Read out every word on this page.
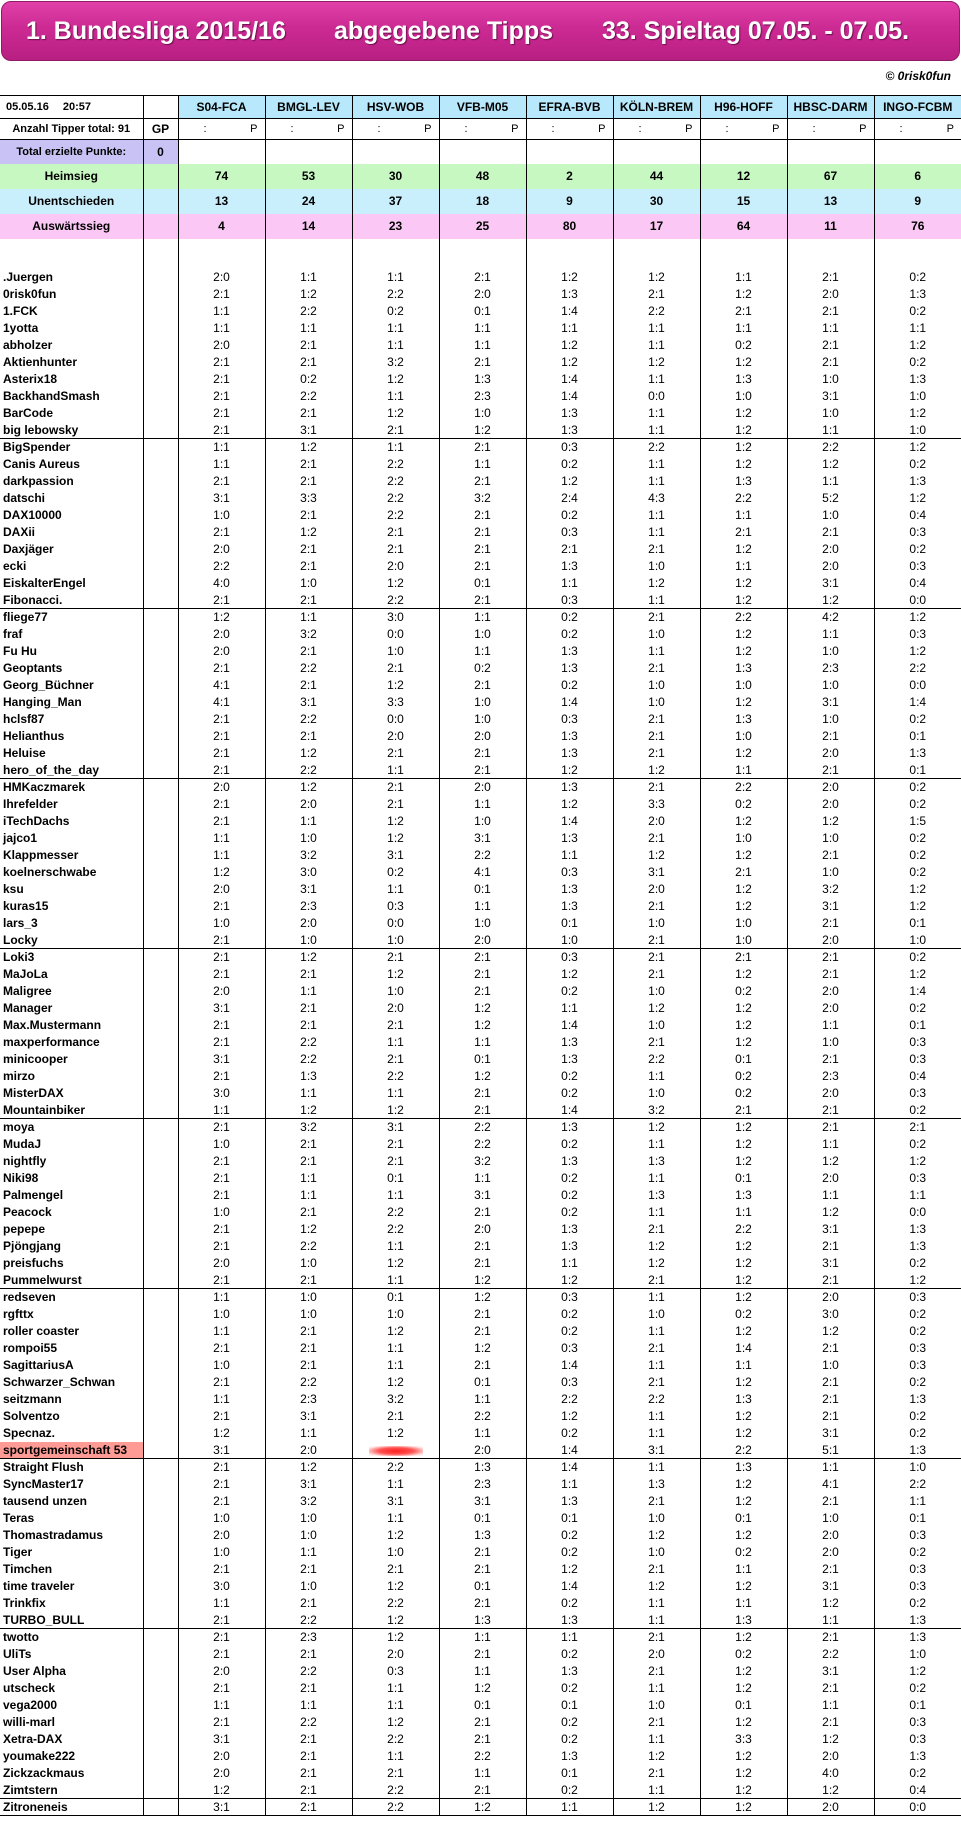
1. Bundesliga 2015/16 abgegebene Tipps 33. Spieltag 07.05. - 07.05.
© 0risk0fun
05.05.16 20:57		S04-FCA	BMGL-LEV	HSV-WOB	VFB-M05	EFRA-BVB	KÖLN-BREM	H96-HOFF	HBSC-DARM	INGO-FCBM
Anzahl Tipper total: 91	GP	: P	: P	: P	: P	: P	: P	: P	: P	: P

Total erzielte Punkte:	0									
Heimsieg		74	53	30	48	2	44	12	67	6
Unentschieden		13	24	37	18	9	30	15	13	9
Auswärtssieg		4	14	23	25	80	17	64	11	76

.Juergen		2:0	1:1	1:1	2:1	1:2	1:2	1:1	2:1	0:2
0risk0fun		2:1	1:2	2:2	2:0	1:3	2:1	1:2	2:0	1:3
1.FCK		1:1	2:2	0:2	0:1	1:4	2:2	2:1	2:1	0:2
1yotta		1:1	1:1	1:1	1:1	1:1	1:1	1:1	1:1	1:1
abholzer		2:0	2:1	1:1	1:1	1:2	1:1	0:2	2:1	1:2
Aktienhunter		2:1	2:1	3:2	2:1	1:2	1:2	1:2	2:1	0:2
Asterix18		2:1	0:2	1:2	1:3	1:4	1:1	1:3	1:0	1:3
BackhandSmash		2:1	2:2	1:1	2:3	1:4	0:0	1:0	3:1	1:0
BarCode		2:1	2:1	1:2	1:0	1:3	1:1	1:2	1:0	1:2
big lebowsky		2:1	3:1	2:1	1:2	1:3	1:1	1:2	1:1	1:0
BigSpender		1:1	1:2	1:1	2:1	0:3	2:2	1:2	2:2	1:2
Canis Aureus		1:1	2:1	2:2	1:1	0:2	1:1	1:2	1:2	0:2
darkpassion		2:1	2:1	2:2	2:1	1:2	1:1	1:3	1:1	1:3
datschi		3:1	3:3	2:2	3:2	2:4	4:3	2:2	5:2	1:2
DAX10000		1:0	2:1	2:2	2:1	0:2	1:1	1:1	1:0	0:4
DAXii		2:1	1:2	2:1	2:1	0:3	1:1	2:1	2:1	0:3
Daxjäger		2:0	2:1	2:1	2:1	2:1	2:1	1:2	2:0	0:2
ecki		2:2	2:1	2:0	2:1	1:3	1:0	1:1	2:0	0:3
EiskalterEngel		4:0	1:0	1:2	0:1	1:1	1:2	1:2	3:1	0:4
Fibonacci.		2:1	2:1	2:2	2:1	0:3	1:1	1:2	1:2	0:0
fliege77		1:2	1:1	3:0	1:1	0:2	2:1	2:2	4:2	1:2
fraf		2:0	3:2	0:0	1:0	0:2	1:0	1:2	1:1	0:3
Fu Hu		2:0	2:1	1:0	1:1	1:3	1:1	1:2	1:0	1:2
Geoptants		2:1	2:2	2:1	0:2	1:3	2:1	1:3	2:3	2:2
Georg_Büchner		4:1	2:1	1:2	2:1	0:2	1:0	1:0	1:0	0:0
Hanging_Man		4:1	3:1	3:3	1:0	1:4	1:0	1:2	3:1	1:4
hclsf87		2:1	2:2	0:0	1:0	0:3	2:1	1:3	1:0	0:2
Helianthus		2:1	2:1	2:0	2:0	1:3	2:1	1:0	2:1	0:1
Heluise		2:1	1:2	2:1	2:1	1:3	2:1	1:2	2:0	1:3
hero_of_the_day		2:1	2:2	1:1	2:1	1:2	1:2	1:1	2:1	0:1
HMKaczmarek		2:0	1:2	2:1	2:0	1:3	2:1	2:2	2:0	0:2
Ihrefelder		2:1	2:0	2:1	1:1	1:2	3:3	0:2	2:0	0:2
iTechDachs		2:1	1:1	1:2	1:0	1:4	2:0	1:2	1:2	1:5
jajco1		1:1	1:0	1:2	3:1	1:3	2:1	1:0	1:0	0:2
Klappmesser		1:1	3:2	3:1	2:2	1:1	1:2	1:2	2:1	0:2
koelnerschwabe		1:2	3:0	0:2	4:1	0:3	3:1	2:1	1:0	0:2
ksu		2:0	3:1	1:1	0:1	1:3	2:0	1:2	3:2	1:2
kuras15		2:1	2:3	0:3	1:1	1:3	2:1	1:2	3:1	1:2
lars_3		1:0	2:0	0:0	1:0	0:1	1:0	1:0	2:1	0:1
Locky		2:1	1:0	1:0	2:0	1:0	2:1	1:0	2:0	1:0
Loki3		2:1	1:2	2:1	2:1	0:3	2:1	2:1	2:1	0:2
MaJoLa		2:1	2:1	1:2	2:1	1:2	2:1	1:2	2:1	1:2
Maligree		2:0	1:1	1:0	2:1	0:2	1:0	0:2	2:0	1:4
Manager		3:1	2:1	2:0	1:2	1:1	1:2	1:2	2:0	0:2
Max.Mustermann		2:1	2:1	2:1	1:2	1:4	1:0	1:2	1:1	0:1
maxperformance		2:1	2:2	1:1	1:1	1:3	2:1	1:2	1:0	0:3
minicooper		3:1	2:2	2:1	0:1	1:3	2:2	0:1	2:1	0:3
mirzo		2:1	1:3	2:2	1:2	0:2	1:1	0:2	2:3	0:4
MisterDAX		3:0	1:1	1:1	2:1	0:2	1:0	0:2	2:0	0:3
Mountainbiker		1:1	1:2	1:2	2:1	1:4	3:2	2:1	2:1	0:2
moya		2:1	3:2	3:1	2:2	1:3	1:2	1:2	2:1	2:1
MudaJ		1:0	2:1	2:1	2:2	0:2	1:1	1:2	1:1	0:2
nightfly		2:1	2:1	2:1	3:2	1:3	1:3	1:2	1:2	1:2
Niki98		2:1	1:1	0:1	1:1	0:2	1:1	0:1	2:0	0:3
Palmengel		2:1	1:1	1:1	3:1	0:2	1:3	1:3	1:1	1:1
Peacock		1:0	2:1	2:2	2:1	0:2	1:1	1:1	1:2	0:0
pepepe		2:1	1:2	2:2	2:0	1:3	2:1	2:2	3:1	1:3
Pjöngjang		2:1	2:2	1:1	2:1	1:3	1:2	1:2	2:1	1:3
preisfuchs		2:0	1:0	1:2	2:1	1:1	1:2	1:2	3:1	0:2
Pummelwurst		2:1	2:1	1:1	1:2	1:2	2:1	1:2	2:1	1:2
redseven		1:1	1:0	0:1	1:2	0:3	1:1	1:2	2:0	0:3
rgfttx		1:0	1:0	1:0	2:1	0:2	1:0	0:2	3:0	0:2
roller coaster		1:1	2:1	1:2	2:1	0:2	1:1	1:2	1:2	0:2
rompoi55		2:1	2:1	1:1	1:2	0:3	2:1	1:4	2:1	0:3
SagittariusA		1:0	2:1	1:1	2:1	1:4	1:1	1:1	1:0	0:3
Schwarzer_Schwan		2:1	2:2	1:2	0:1	0:3	2:1	1:2	2:1	0:2
seitzmann		1:1	2:3	3:2	1:1	2:2	2:2	1:3	2:1	1:3
Solventzo		2:1	3:1	2:1	2:2	1:2	1:1	1:2	2:1	0:2
Specnaz.		1:2	1:1	1:2	1:1	0:2	1:1	1:2	3:1	0:2
sportgemeinschaft 53		3:1	2:0		2:0	1:4	3:1	2:2	5:1	1:3
Straight Flush		2:1	1:2	2:2	1:3	1:4	1:1	1:3	1:1	1:0
SyncMaster17		2:1	3:1	1:1	2:3	1:1	1:3	1:2	4:1	2:2
tausend unzen		2:1	3:2	3:1	3:1	1:3	2:1	1:2	2:1	1:1
Teras		1:0	1:0	1:1	0:1	0:1	1:0	0:1	1:0	0:1
Thomastradamus		2:0	1:0	1:2	1:3	0:2	1:2	1:2	2:0	0:3
Tiger		1:0	1:1	1:0	2:1	0:2	1:0	0:2	2:0	0:2
Timchen		2:1	2:1	2:1	2:1	1:2	2:1	1:1	2:1	0:3
time traveler		3:0	1:0	1:2	0:1	1:4	1:2	1:2	3:1	0:3
Trinkfix		1:1	2:1	2:2	2:1	0:2	1:1	1:1	1:2	0:2
TURBO_BULL		2:1	2:2	1:2	1:3	1:3	1:1	1:3	1:1	1:3
twotto		2:1	2:3	1:2	1:1	1:1	2:1	1:2	2:1	1:3
UliTs		2:1	2:1	2:0	2:1	0:2	2:0	0:2	2:2	1:0
User Alpha		2:0	2:2	0:3	1:1	1:3	2:1	1:2	3:1	1:2
utscheck		2:1	2:1	1:1	1:2	0:2	1:1	1:2	2:1	0:2
vega2000		1:1	1:1	1:1	0:1	0:1	1:0	0:1	1:1	0:1
willi-marl		2:1	2:2	1:2	2:1	0:2	2:1	1:2	2:1	0:3
Xetra-DAX		3:1	2:1	2:2	2:1	0:2	1:1	3:3	1:2	0:3
youmake222		2:0	2:1	1:1	2:2	1:3	1:2	1:2	2:0	1:3
Zickzackmaus		2:0	2:1	2:1	1:1	0:1	2:1	1:2	4:0	0:2
Zimtstern		1:2	2:1	2:2	2:1	0:2	1:1	1:2	1:2	0:4
Zitroneneis		3:1	2:1	2:2	1:2	1:1	1:2	1:2	2:0	0:0
